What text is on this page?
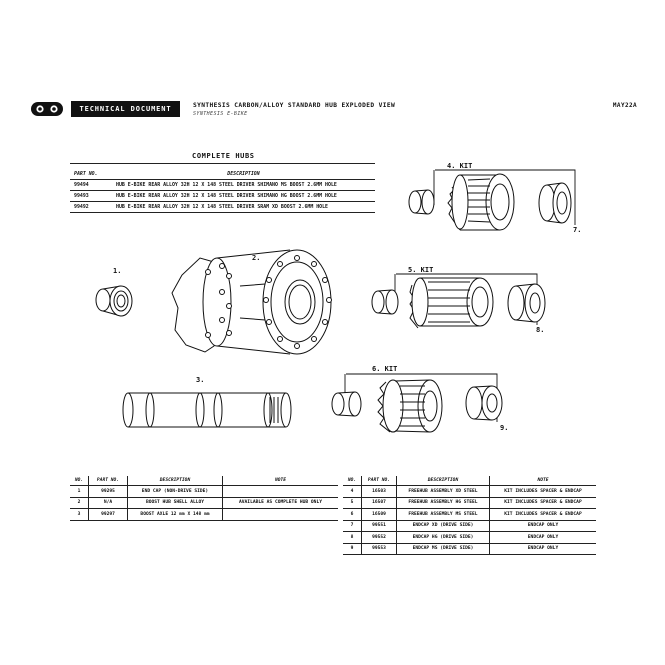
TECHNICAL DOCUMENT	SYNTHESIS CARBON/ALLOY STANDARD HUB EXPLODED VIEW
SYNTHESIS E-BIKE
MAY22A
COMPLETE HUBS
PART NO.	DESCRIPTION
99494	HUB E-BIKE REAR ALLOY 32H 12 X 148 STEEL DRIVER SHIMANO MS BOOST 2.6MM HOLE
99493	HUB E-BIKE REAR ALLOY 32H 12 X 148 STEEL DRIVER SHIMANO HG BOOST 2.6MM HOLE
99492	HUB E-BIKE REAR ALLOY 32H 12 X 148 STEEL DRIVER SRAM XD BOOST 2.6MM HOLE
1.
2.
3.
4. KIT
7.
5. KIT
8.
6. KIT
9.
NO.	PART NO.	DESCRIPTION	NOTE
1	99295	END CAP (NON-DRIVE SIDE)	
2	N/A	BOOST HUB SHELL ALLOY	AVAILABLE AS COMPLETE HUB ONLY
3	99297	BOOST AXLE 12 mm X 148 mm	
NO.	PART NO.	DESCRIPTION	NOTE
4	16503	FREEHUB ASSEMBLY XD STEEL	KIT INCLUDES SPACER & ENDCAP
5	16507	FREEHUB ASSEMBLY HG STEEL	KIT INCLUDES SPACER & ENDCAP
6	16509	FREEHUB ASSEMBLY MS STEEL	KIT INCLUDES SPACER & ENDCAP
7	99551	ENDCAP XD (DRIVE SIDE)	ENDCAP ONLY
8	99552	ENDCAP HG (DRIVE SIDE)	ENDCAP ONLY
9	99553	ENDCAP MS (DRIVE SIDE)	ENDCAP ONLY
